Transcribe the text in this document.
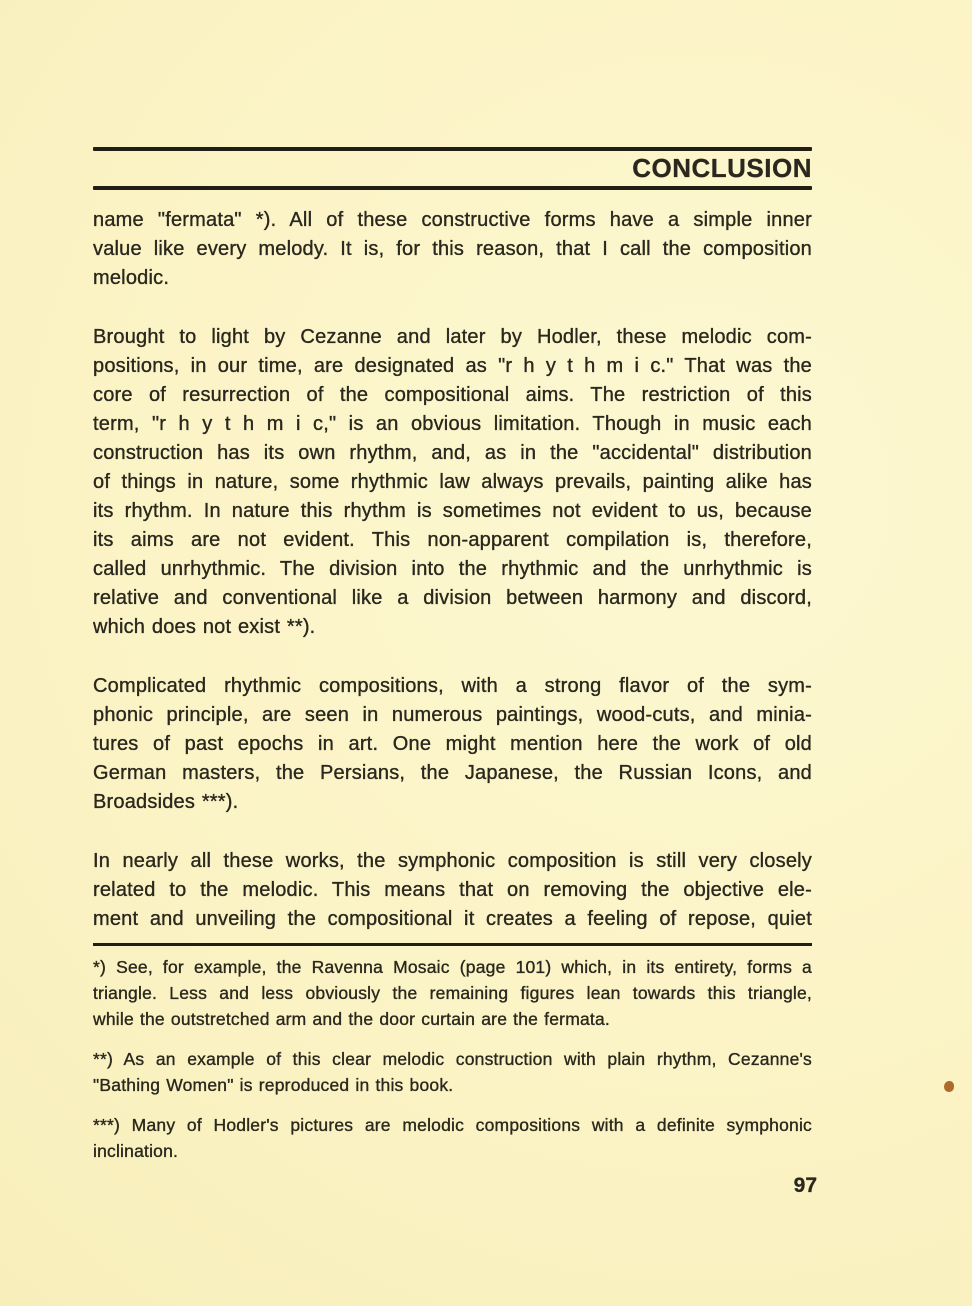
CONCLUSION
name "fermata" *). All of these constructive forms have a simple inner
value like every melody. It is, for this reason, that I call the composition
melodic.
Brought to light by Cezanne and later by Hodler, these melodic com-
positions, in our time, are designated as "r h y t h m i c." That was the
core of resurrection of the compositional aims. The restriction of this
term, "r h y t h m i c," is an obvious limitation. Though in music each
construction has its own rhythm, and, as in the "accidental" distribution
of things in nature, some rhythmic law always prevails, painting alike has
its rhythm. In nature this rhythm is sometimes not evident to us, because
its aims are not evident. This non-apparent compilation is, therefore,
called unrhythmic. The division into the rhythmic and the unrhythmic is
relative and conventional like a division between harmony and discord,
which does not exist **).
Complicated rhythmic compositions, with a strong flavor of the sym-
phonic principle, are seen in numerous paintings, wood-cuts, and minia-
tures of past epochs in art. One might mention here the work of old
German masters, the Persians, the Japanese, the Russian Icons, and
Broadsides ***).
In nearly all these works, the symphonic composition is still very closely
related to the melodic. This means that on removing the objective ele-
ment and unveiling the compositional it creates a feeling of repose, quiet
*) See, for example, the Ravenna Mosaic (page 101) which, in its entirety, forms a
triangle. Less and less obviously the remaining figures lean towards this triangle,
while the outstretched arm and the door curtain are the fermata.
**) As an example of this clear melodic construction with plain rhythm, Cezanne's
"Bathing Women" is reproduced in this book.
***) Many of Hodler's pictures are melodic compositions with a definite symphonic
inclination.
97
